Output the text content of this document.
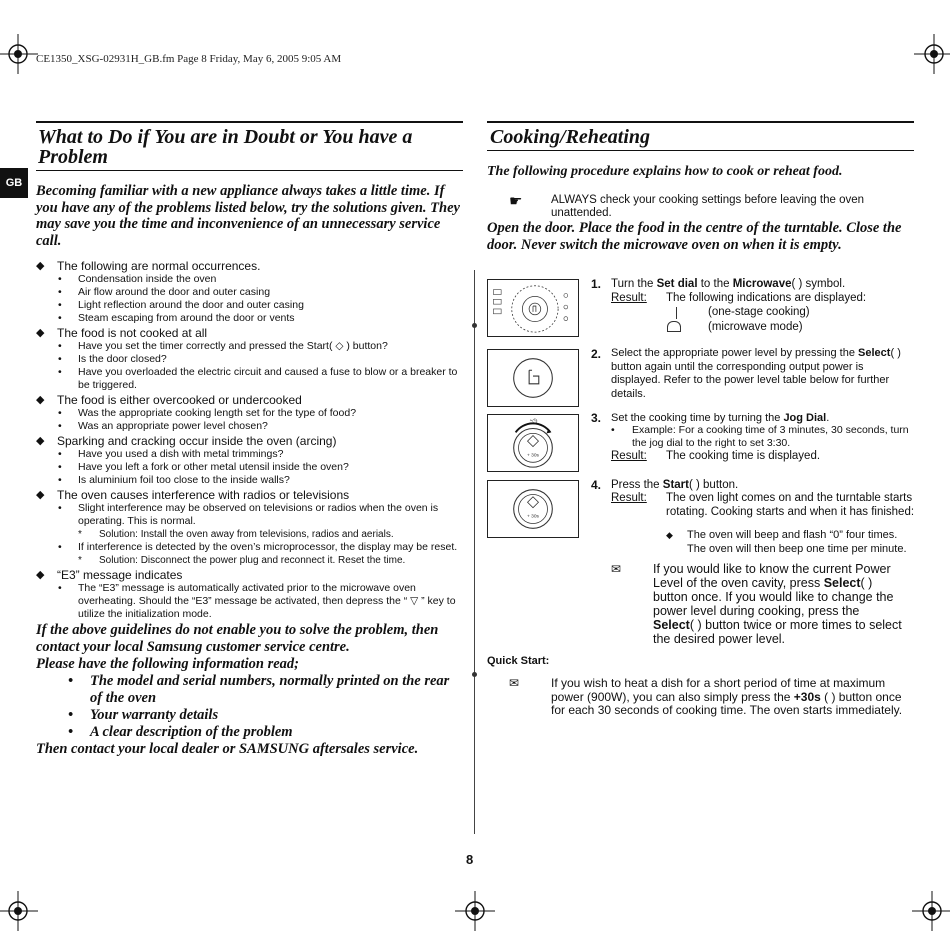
CE1350_XSG-02931H_GB.fm Page 8 Friday, May 6, 2005 9:05 AM
GB
What to Do if You are in Doubt or You have a
Problem
Becoming familiar with a new appliance always takes a little time. If you have any of the problems listed below, try the solutions given. They may save you the time and inconvenience of an unnecessary service call.
◆ The following are normal occurrences.
• Condensation inside the oven
• Air flow around the door and outer casing
• Light reflection around the door and outer casing
• Steam escaping from around the door or vents
◆ The food is not cooked at all
• Have you set the timer correctly and pressed the Start( ◇ ) button?
• Is the door closed?
• Have you overloaded the electric circuit and caused a fuse to blow or a breaker to be triggered.
◆ The food is either overcooked or undercooked
• Was the appropriate cooking length set for the type of food?
• Was an appropriate power level chosen?
◆ Sparking and cracking occur inside the oven (arcing)
• Have you used a dish with metal trimmings?
• Have you left a fork or other metal utensil inside the oven?
• Is aluminium foil too close to the inside walls?
◆ The oven causes interference with radios or televisions
• Slight interference may be observed on televisions or radios when the oven is operating. This is normal.
* Solution: Install the oven away from televisions, radios and aerials.
• If interference is detected by the oven’s microprocessor, the display may be reset.
* Solution: Disconnect the power plug and reconnect it. Reset the time.
◆ “E3” message indicates
• The “E3” message is automatically activated prior to the microwave oven overheating. Should the “E3” message be activated, then depress the “ ▽ ” key to utilize the initialization mode.
If the above guidelines do not enable you to solve the problem, then contact your local Samsung customer service centre.
Please have the following information read;
• The model and serial numbers, normally printed on the rear of the oven
• Your warranty details
• A clear description of the problem
Then contact your local dealer or SAMSUNG aftersales service.
Cooking/Reheating
The following procedure explains how to cook or reheat food.
☛ ALWAYS check your cooking settings before leaving the oven unattended.
Open the door. Place the food in the centre of the turntable. Close the door. Never switch the microwave oven on when it is empty.
+ 30s
◔◷
+ 30s
1. Turn the Set dial to the Microwave( ) symbol.
Result: The following indications are displayed:
(one-stage cooking)
(microwave mode)
2. Select the appropriate power level by pressing the Select( ) button again until the corresponding output power is displayed. Refer to the power level table below for further details.
3. Set the cooking time by turning the Jog Dial.
•	Example: For a cooking time of 3 minutes, 30 seconds, turn the jog dial to the right to set 3:30.
Result: The cooking time is displayed.
4. Press the Start( ) button.
Result: The oven light comes on and the turntable starts rotating. Cooking starts and when it has finished:
◆	The oven will beep and flash “0” four times. The oven will then beep one time per minute.
✉	If you would like to know the current Power Level of the oven cavity, press Select( ) button once. If you would like to change the power level during cooking, press the Select( ) button twice or more times to select the desired power level.
Quick Start:
✉	If you wish to heat a dish for a short period of time at maximum power (900W), you can also simply press the +30s ( ) button once for each 30 seconds of cooking time. The oven starts immediately.
8
